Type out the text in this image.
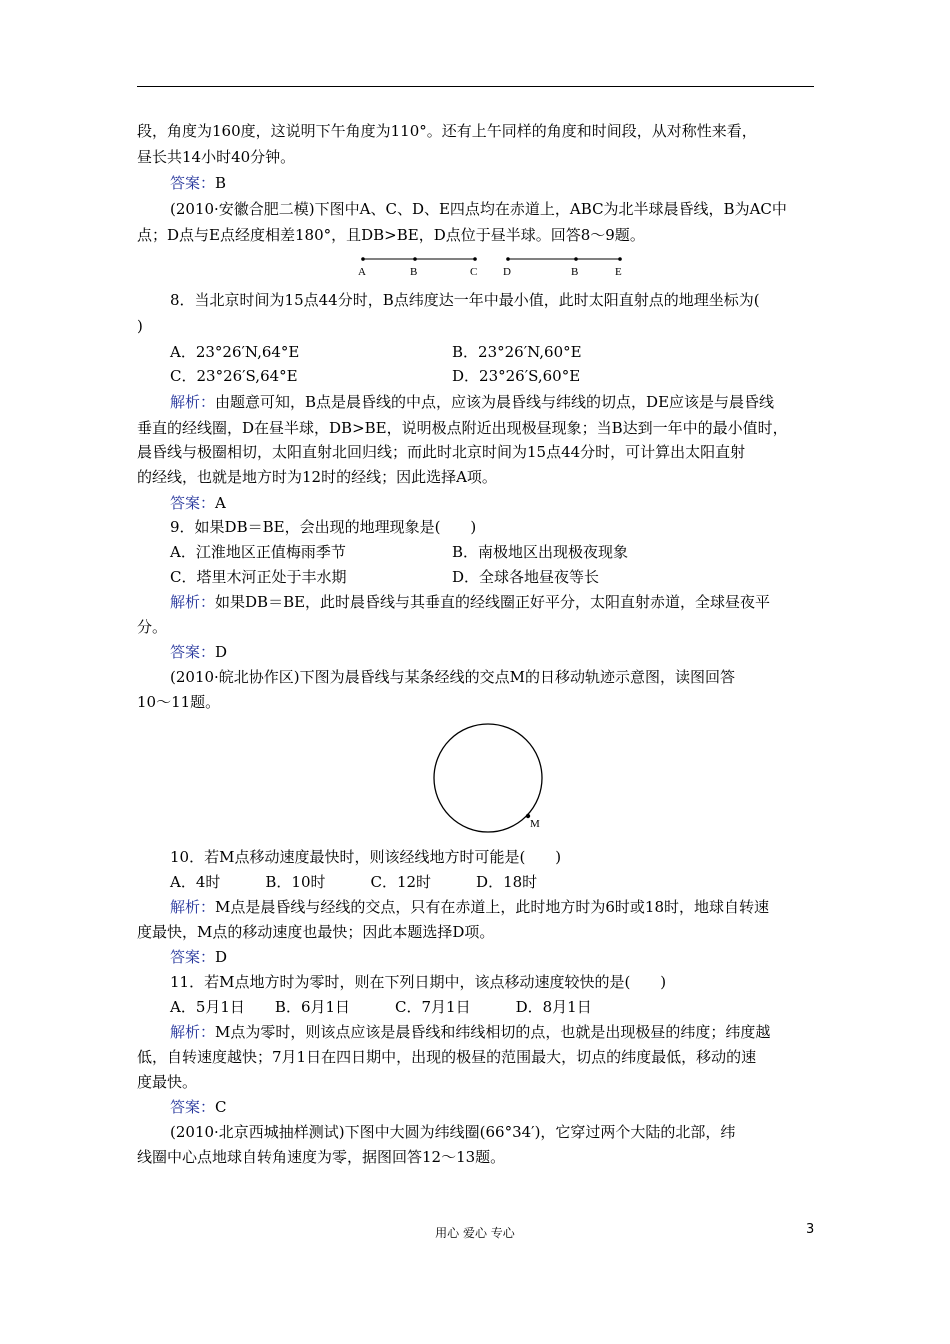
段，角度为160度，这说明下午角度为110°。还有上午同样的角度和时间段，从对称性来看，
昼长共14小时40分钟。
答案：B
(2010·安徽合肥二模)下图中A、C、D、E四点均在赤道上，ABC为北半球晨昏线，B为AC中
点；D点与E点经度相差180°，且DB>BE，D点位于昼半球。回答8～9题。
A	B	C D	B	E
8．当北京时间为15点44分时，B点纬度达一年中最小值，此时太阳直射点的地理坐标为(
)
A．23°26′N,64°E	B．23°26′N,60°E
C．23°26′S,64°E	D．23°26′S,60°E
解析：由题意可知，B点是晨昏线的中点，应该为晨昏线与纬线的切点，DE应该是与晨昏线
垂直的经线圈，D在昼半球，DB>BE，说明极点附近出现极昼现象；当B达到一年中的最小值时，
晨昏线与极圈相切，太阳直射北回归线；而此时北京时间为15点44分时，可计算出太阳直射
的经线，也就是地方时为12时的经线；因此选择A项。
答案：A
9．如果DB＝BE，会出现的地理现象是(　　)
A．江淮地区正值梅雨季节	B．南极地区出现极夜现象
C．塔里木河正处于丰水期	D．全球各地昼夜等长
解析：如果DB＝BE，此时晨昏线与其垂直的经线圈正好平分，太阳直射赤道，全球昼夜平
分。
答案：D
(2010·皖北协作区)下图为晨昏线与某条经线的交点M的日移动轨迹示意图，读图回答
10～11题。
M
10．若M点移动速度最快时，则该经线地方时可能是(　　)
A．4时　　　B．10时　　　C．12时　　　D．18时
解析：M点是晨昏线与经线的交点，只有在赤道上，此时地方时为6时或18时，地球自转速
度最快，M点的移动速度也最快；因此本题选择D项。
答案：D
11．若M点地方时为零时，则在下列日期中，该点移动速度较快的是(　　)
A．5月1日　　B．6月1日　　　C．7月1日　　　D．8月1日
解析：M点为零时，则该点应该是晨昏线和纬线相切的点，也就是出现极昼的纬度；纬度越
低，自转速度越快；7月1日在四日期中，出现的极昼的范围最大，切点的纬度最低，移动的速
度最快。
答案：C
(2010·北京西城抽样测试)下图中大圆为纬线圈(66°34′)，它穿过两个大陆的北部，纬
线圈中心点地球自转角速度为零，据图回答12～13题。
用心 爱心 专心	3
